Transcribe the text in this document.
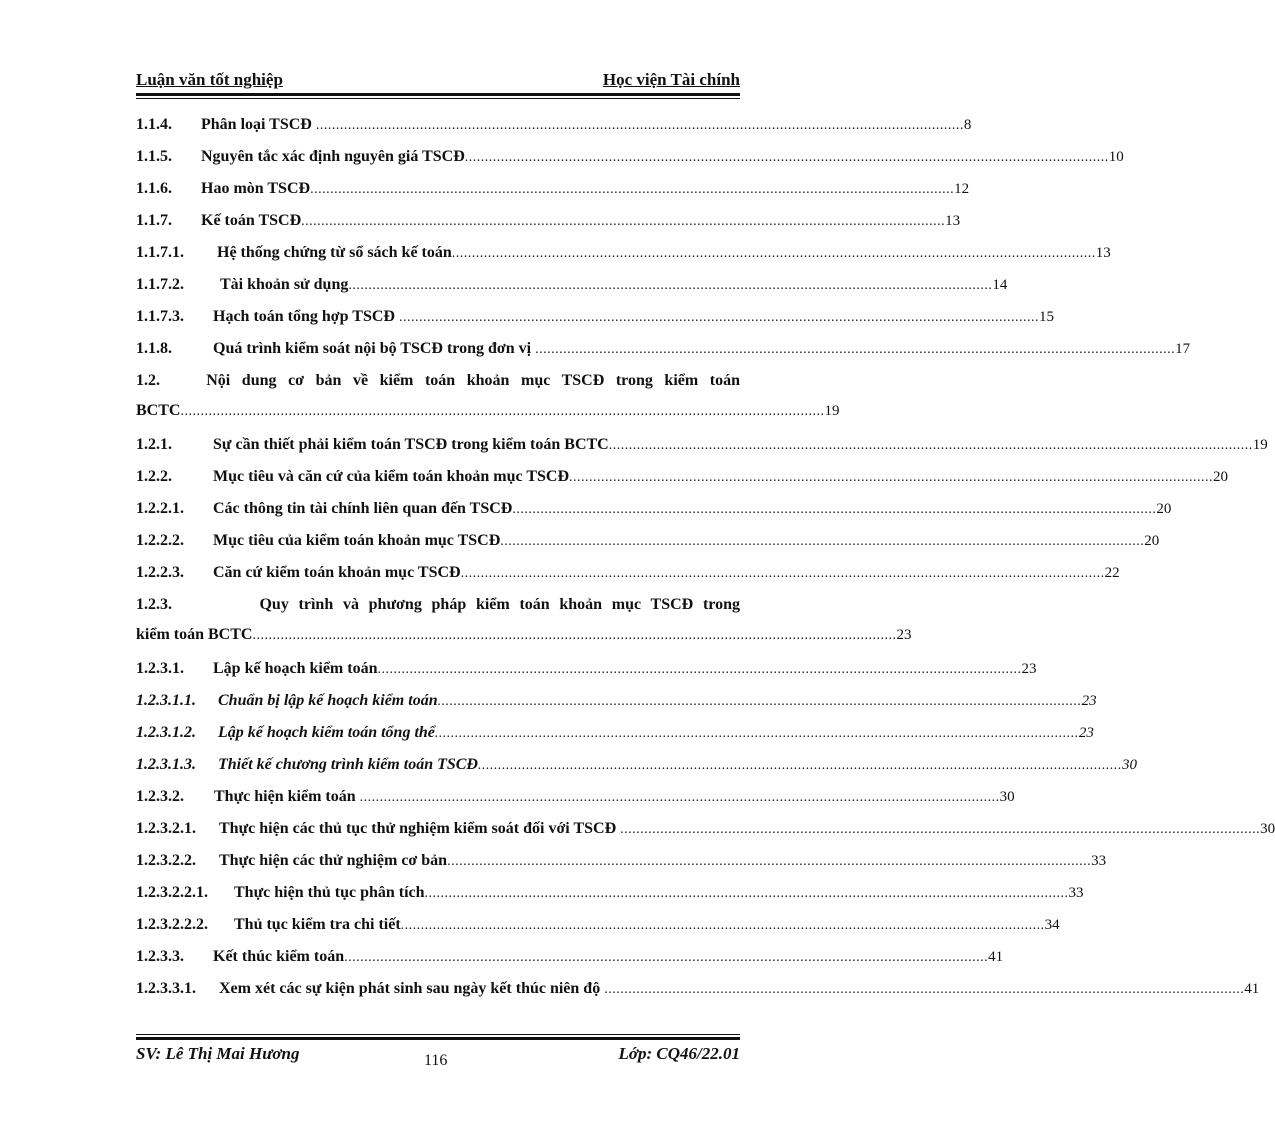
Luận văn tốt nghiệp	Học viện Tài chính
1.1.4. Phân loại TSCĐ .................................................................................................................................................................. 8
1.1.5. Nguyên tắc xác định nguyên giá TSCĐ ................................................................................................................................................................. 10
1.1.6. Hao mòn TSCĐ ................................................................................................................................................................. 12
1.1.7. Kế toán TSCĐ ................................................................................................................................................................. 13
1.1.7.1. Hệ thống chứng từ sổ sách kế toán ................................................................................................................................................................. 13
1.1.7.2. Tài khoản sử dụng ................................................................................................................................................................. 14
1.1.7.3. Hạch toán tổng hợp TSCĐ ................................................................................................................................................................ 15
1.1.8.	Quá trình kiểm soát nội bộ TSCĐ trong đơn vị ................................................................................................................................................................ 17
1.2.	Nội dung cơ bản về kiểm toán khoản mục TSCĐ trong kiểm toán
BCTC ................................................................................................................................................................. 19
1.2.1.	Sự cần thiết phải kiểm toán TSCĐ trong kiểm toán BCTC ................................................................................................................................................................. 19
1.2.2.	Mục tiêu và căn cứ của kiểm toán khoản mục TSCĐ ................................................................................................................................................................. 20
1.2.2.1. Các thông tin tài chính liên quan đến TSCĐ ................................................................................................................................................................. 20
1.2.2.2. Mục tiêu của kiểm toán khoản mục TSCĐ ................................................................................................................................................................. 20
1.2.2.3. Căn cứ kiểm toán khoản mục TSCĐ ................................................................................................................................................................. 22
1.2.3.	Quy trình và phương pháp kiểm toán khoản mục TSCĐ trong
kiểm toán BCTC ................................................................................................................................................................. 23
1.2.3.1. Lập kế hoạch kiểm toán ................................................................................................................................................................. 23
1.2.3.1.1. Chuẩn bị lập kế hoạch kiểm toán ................................................................................................................................................................. 23
1.2.3.1.2. Lập kế hoạch kiểm toán tổng thể ................................................................................................................................................................. 23
1.2.3.1.3. Thiết kế chương trình kiểm toán TSCĐ ................................................................................................................................................................. 30
1.2.3.2. Thực hiện kiểm toán ................................................................................................................................................................ 30
1.2.3.2.1. Thực hiện các thủ tục thử nghiệm kiểm soát đối với TSCĐ ................................................................................................................................................................ 30
1.2.3.2.2. Thực hiện các thử nghiệm cơ bản ................................................................................................................................................................. 33
1.2.3.2.2.1. Thực hiện thủ tục phân tích ................................................................................................................................................................. 33
1.2.3.2.2.2. Thủ tục kiểm tra chi tiết ................................................................................................................................................................. 34
1.2.3.3. Kết thúc kiểm toán ................................................................................................................................................................. 41
1.2.3.3.1. Xem xét các sự kiện phát sinh sau ngày kết thúc niên độ ................................................................................................................................................................ 41
SV: Lê Thị Mai Hương	116	Lớp: CQ46/22.01
